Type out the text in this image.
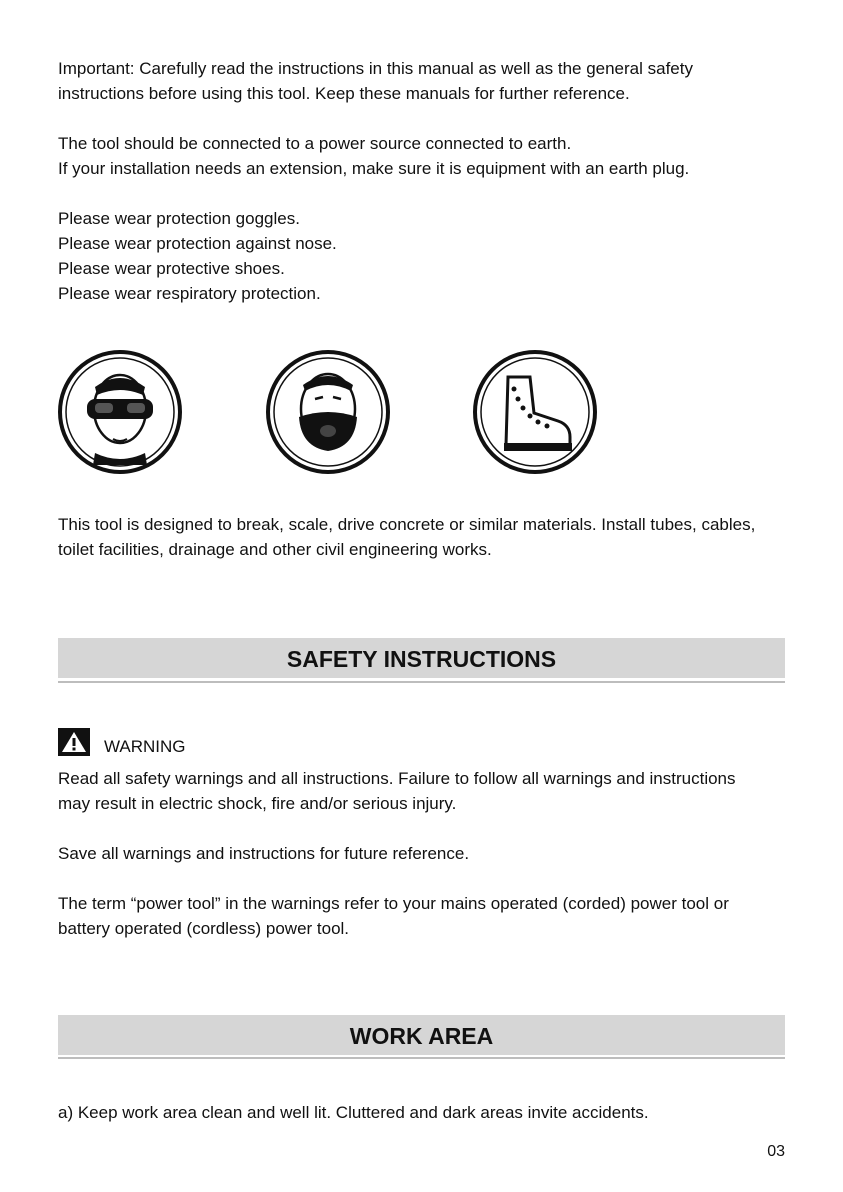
Important: Carefully read the instructions in this manual as well as the general safety
instructions before using this tool. Keep these manuals for further reference.
The tool should be connected to a power source connected to earth.
If your installation needs an extension, make sure it is equipment with an earth plug.
Please wear protection goggles.
Please wear protection against nose.
Please wear protective shoes.
Please wear respiratory protection.
This tool is designed to break, scale, drive concrete or similar materials. Install tubes, cables,
toilet facilities, drainage and other civil engineering works.
SAFETY INSTRUCTIONS
WARNING
Read all safety warnings and all instructions. Failure to follow all warnings and instructions
may result in electric shock, fire and/or serious injury.
Save all warnings and instructions for future reference.
The term “power tool” in the warnings refer to your mains operated (corded) power tool or
battery operated (cordless) power tool.
WORK AREA
a) Keep work area clean and well lit. Cluttered and dark areas invite accidents.
03
